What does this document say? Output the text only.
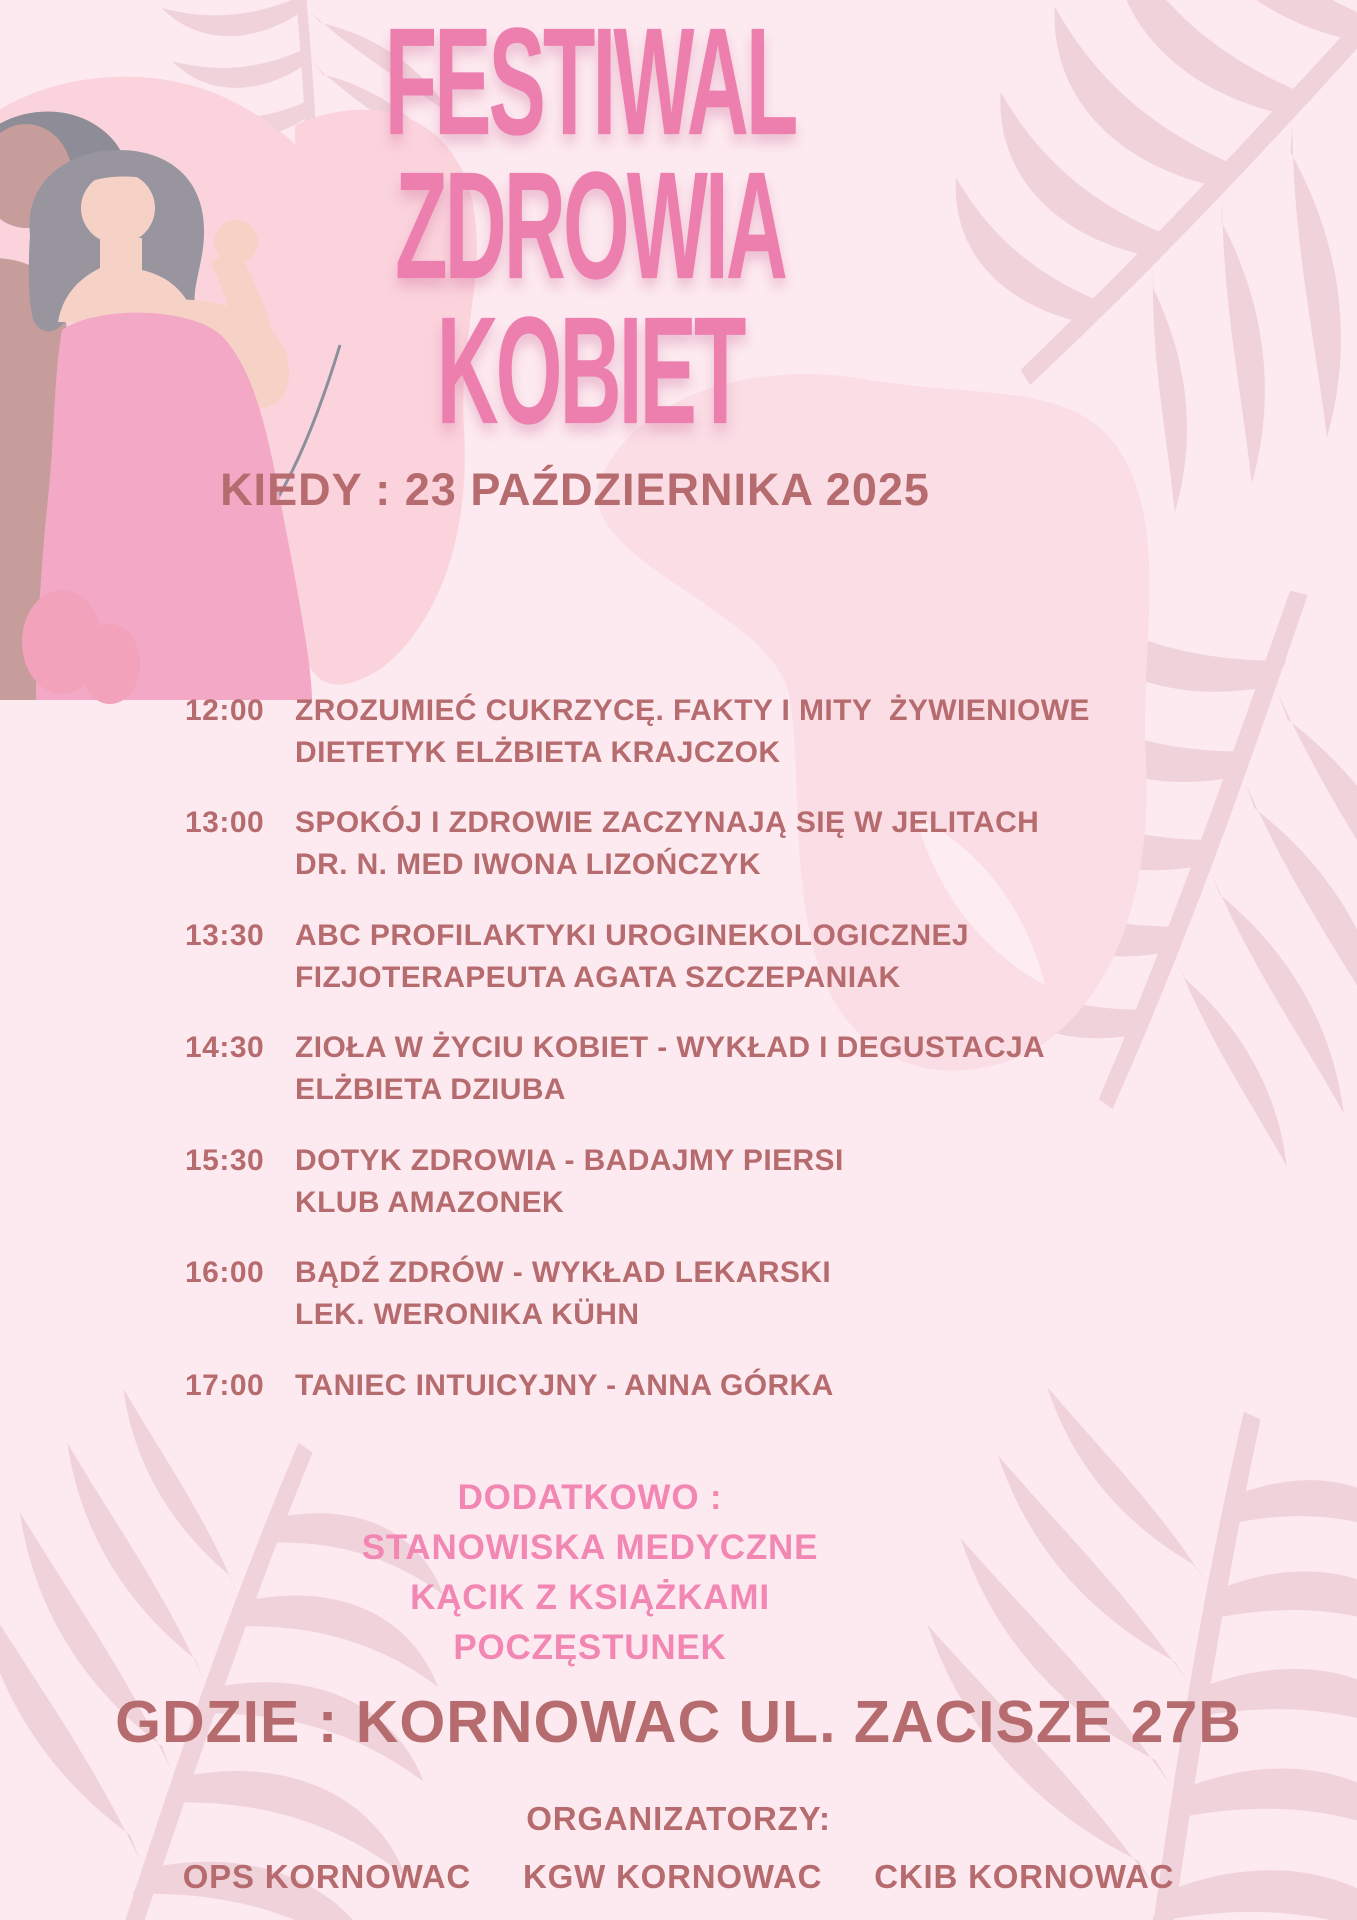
FESTIWAL
ZDROWIA
KOBIET
KIEDY : 23 PAŹDZIERNIKA 2025
12:00	ZROZUMIEĆ CUKRZYCĘ. FAKTY I MITY  ŻYWIENIOWE
DIETETYK ELŻBIETA KRAJCZOK
13:00	SPOKÓJ I ZDROWIE ZACZYNAJĄ SIĘ W JELITACH
DR. N. MED IWONA LIZOŃCZYK
13:30	ABC PROFILAKTYKI UROGINEKOLOGICZNEJ
FIZJOTERAPEUTA AGATA SZCZEPANIAK
14:30	ZIOŁA W ŻYCIU KOBIET - WYKŁAD I DEGUSTACJA
ELŻBIETA DZIUBA
15:30	DOTYK ZDROWIA - BADAJMY PIERSI
KLUB AMAZONEK
16:00	BĄDŹ ZDRÓW - WYKŁAD LEKARSKI
LEK. WERONIKA KÜHN
17:00	TANIEC INTUICYJNY - ANNA GÓRKA
DODATKOWO :
STANOWISKA MEDYCZNE
KĄCIK Z KSIĄŻKAMI
POCZĘSTUNEK
GDZIE : KORNOWAC UL. ZACISZE 27B
ORGANIZATORZY:
OPS KORNOWAC KGW KORNOWAC CKIB KORNOWAC
